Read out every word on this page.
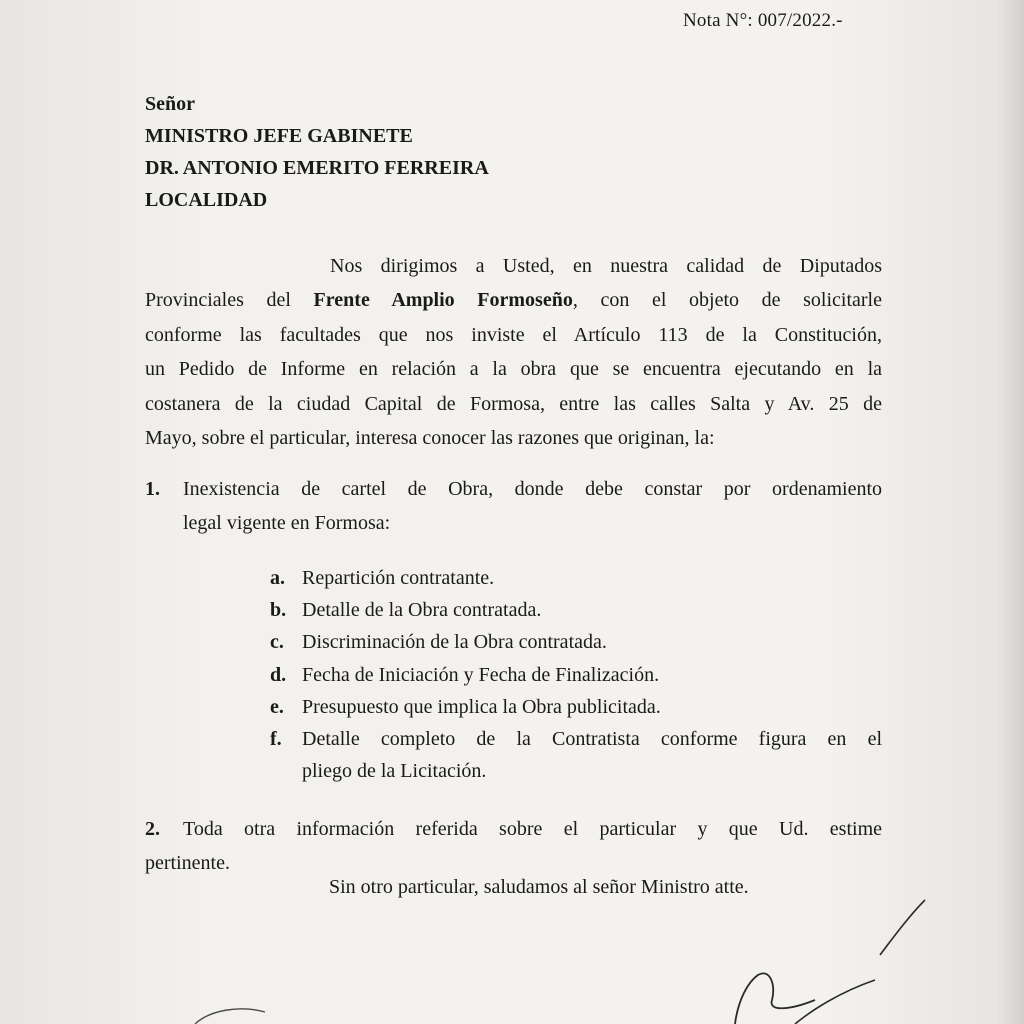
Nota N°: 007/2022.-
Señor
MINISTRO JEFE GABINETE
DR. ANTONIO EMERITO FERREIRA
LOCALIDAD
Nos dirigimos a Usted, en nuestra calidad de Diputados
Provinciales del Frente Amplio Formoseño, con el objeto de solicitarle
conforme las facultades que nos inviste el Artículo 113 de la Constitución,
un Pedido de Informe en relación a la obra que se encuentra ejecutando en la
costanera de la ciudad Capital de Formosa, entre las calles Salta y Av. 25 de
Mayo, sobre el particular, interesa conocer las razones que originan, la:
1. Inexistencia de cartel de Obra, donde debe constar por ordenamiento
legal vigente en Formosa:
a. Repartición contratante.
b. Detalle de la Obra contratada.
c. Discriminación de la Obra contratada.
d. Fecha de Iniciación y Fecha de Finalización.
e. Presupuesto que implica la Obra publicitada.
f. Detalle completo de la Contratista conforme figura en el
pliego de la Licitación.
2. Toda otra información referida sobre el particular y que Ud. estime
pertinente.
Sin otro particular, saludamos al señor Ministro atte.
